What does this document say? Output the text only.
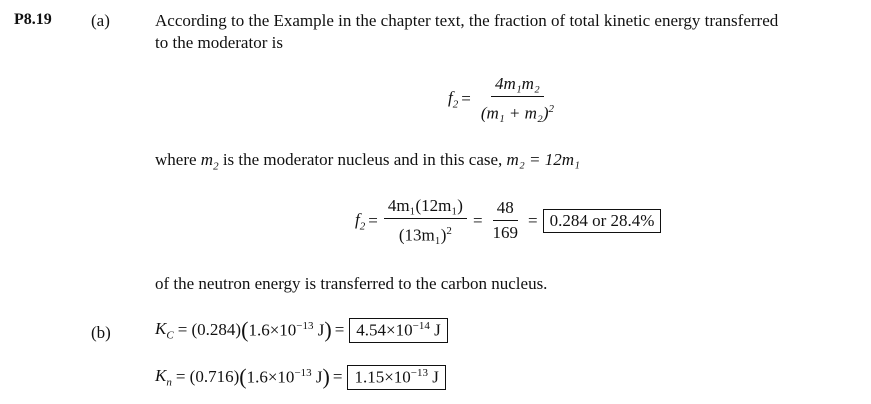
P8.19 (a)	According to the Example in the chapter text, the fraction of total kinetic energy transferred
to the moderator is
$f_2 = \frac{\text{4m₁m₂}}{(m_1 + m_2)^2}$
where $m_2$ is the moderator nucleus and in this case, m₂ = 12m₁
$f_2 = \frac{\text{4m₁(12m₁)}}{(13m_1)^2} = \frac{48}{169} = 0.284$ or 28.4%
of the neutron energy is transferred to the carbon nucleus.
(b)	$K_C = (0.284)$ ( $1.6\times 10^{-13}$ J ) = $4.54\times 10^{-14}$ J
$K_n = (0.716)$ ( $1.6\times 10^{-13}$ J ) = $1.15\times 10^{-13}$ J
